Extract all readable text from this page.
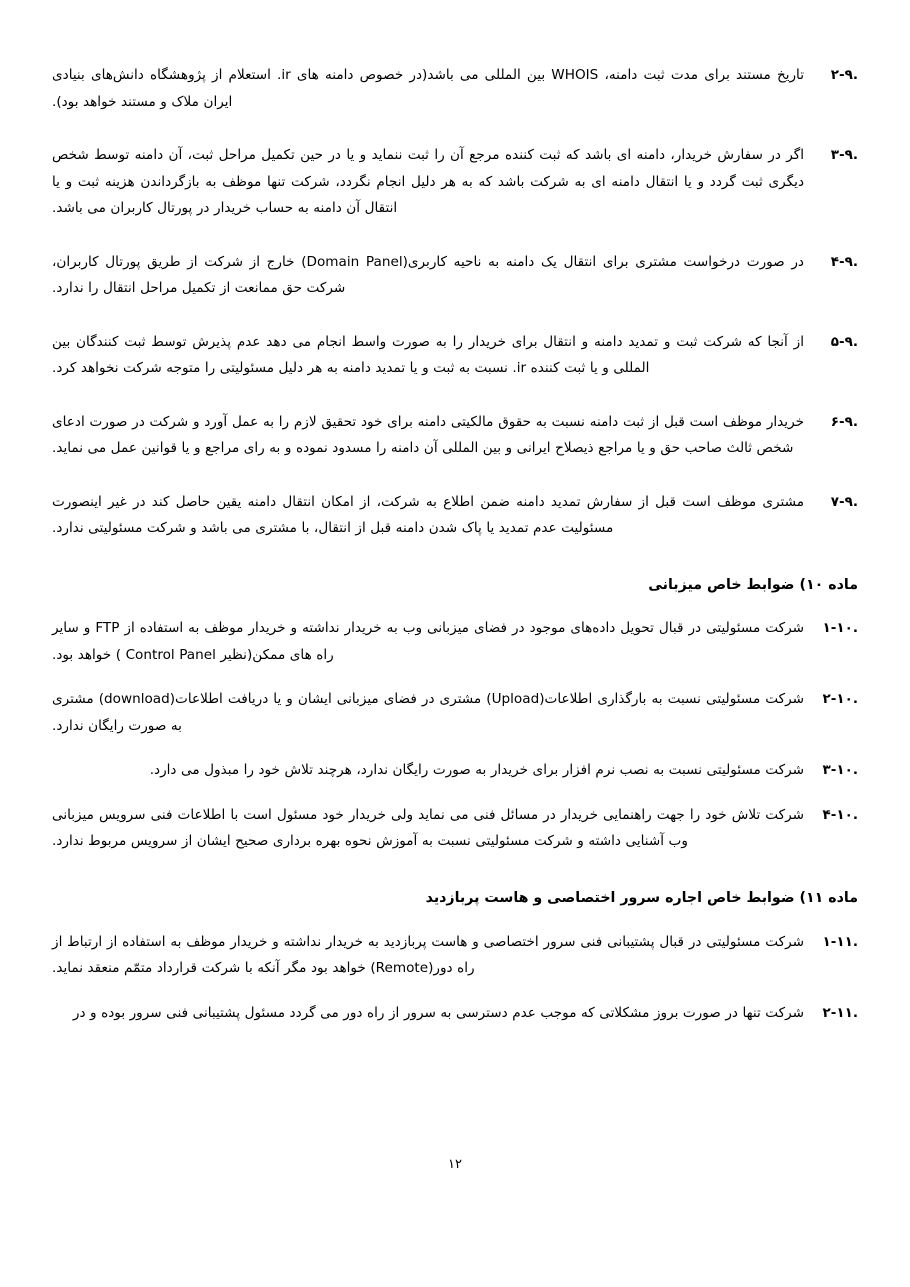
۲-۹.
تاریخ مستند برای مدت ثبت دامنه، WHOIS بین المللی می باشد(در خصوص دامنه های ir. استعلام از پژوهشگاه دانش‌های بنیادی ایران ملاک و مستند خواهد بود).
۳-۹.
اگر در سفارش خریدار، دامنه ای باشد که ثبت کننده مرجع آن را ثبت ننماید و یا در حین تکمیل مراحل ثبت، آن دامنه توسط شخص دیگری ثبت گردد و یا انتقال دامنه ای به شرکت باشد که به هر دلیل انجام نگردد، شرکت تنها موظف به بازگرداندن هزینه ثبت و یا انتقال آن دامنه به حساب خریدار در پورتال کاربران می باشد.
۴-۹.
در صورت درخواست مشتری برای انتقال یک دامنه به ناحیه کاربری(Domain Panel) خارج از شرکت از طریق پورتال کاربران، شرکت حق ممانعت از تکمیل مراحل انتقال را ندارد.
۵-۹.
از آنجا که شرکت ثبت و تمدید دامنه و انتقال برای خریدار را به صورت واسط انجام می دهد عدم پذیرش توسط ثبت کنندگان بین المللی و یا ثبت کننده ir. نسبت به ثبت و یا تمدید دامنه به هر دلیل مسئولیتی را متوجه شرکت نخواهد کرد.
۶-۹.
خریدار موظف است قبل از ثبت دامنه نسبت به حقوق مالکیتی دامنه برای خود تحقیق لازم را به عمل آورد و شرکت در صورت ادعای شخص ثالث صاحب حق و یا مراجع ذیصلاح ایرانی و بین المللی آن دامنه را مسدود نموده و به رای مراجع و یا قوانین عمل می نماید.
۷-۹.
مشتری موظف است قبل از سفارش تمدید دامنه ضمن اطلاع به شرکت، از امکان انتقال دامنه یقین حاصل کند در غیر اینصورت مسئولیت عدم تمدید یا پاک شدن دامنه قبل از انتقال، با مشتری می باشد و شرکت مسئولیتی ندارد.
ماده ۱۰) ضوابط خاص میزبانی
۱-۱۰.
شرکت مسئولیتی در قبال تحویل داده‌های موجود در فضای میزبانی وب به خریدار نداشته و خریدار موظف به استفاده از FTP و سایر راه های ممکن(نظیر Control Panel ) خواهد بود.
۲-۱۰.
شرکت مسئولیتی نسبت به بارگذاری اطلاعات(Upload) مشتری در فضای میزبانی ایشان و یا دریافت اطلاعات(download) مشتری به صورت رایگان ندارد.
۳-۱۰.
شرکت مسئولیتی نسبت به نصب نرم افزار برای خریدار به صورت رایگان ندارد، هرچند تلاش خود را مبذول می دارد.
۴-۱۰.
شرکت تلاش خود را جهت راهنمایی خریدار در مسائل فنی می نماید ولی خریدار خود مسئول است با اطلاعات فنی سرویس میزبانی وب آشنایی داشته و شرکت مسئولیتی نسبت به آموزش نحوه بهره برداری صحیح ایشان از سرویس مربوط ندارد.
ماده ۱۱) ضوابط خاص اجاره سرور اختصاصی و هاست پربازدید
۱-۱۱.
شرکت مسئولیتی در قبال پشتیبانی فنی سرور اختصاصی و هاست پربازدید به خریدار نداشته و خریدار موظف به استفاده از ارتباط از راه دور(Remote) خواهد بود مگر آنکه با شرکت قرارداد متمّم منعقد نماید.
۲-۱۱.
شرکت تنها در صورت بروز مشکلاتی که موجب عدم دسترسی به سرور از راه دور می گردد مسئول پشتیبانی فنی سرور بوده و در
۱۲
